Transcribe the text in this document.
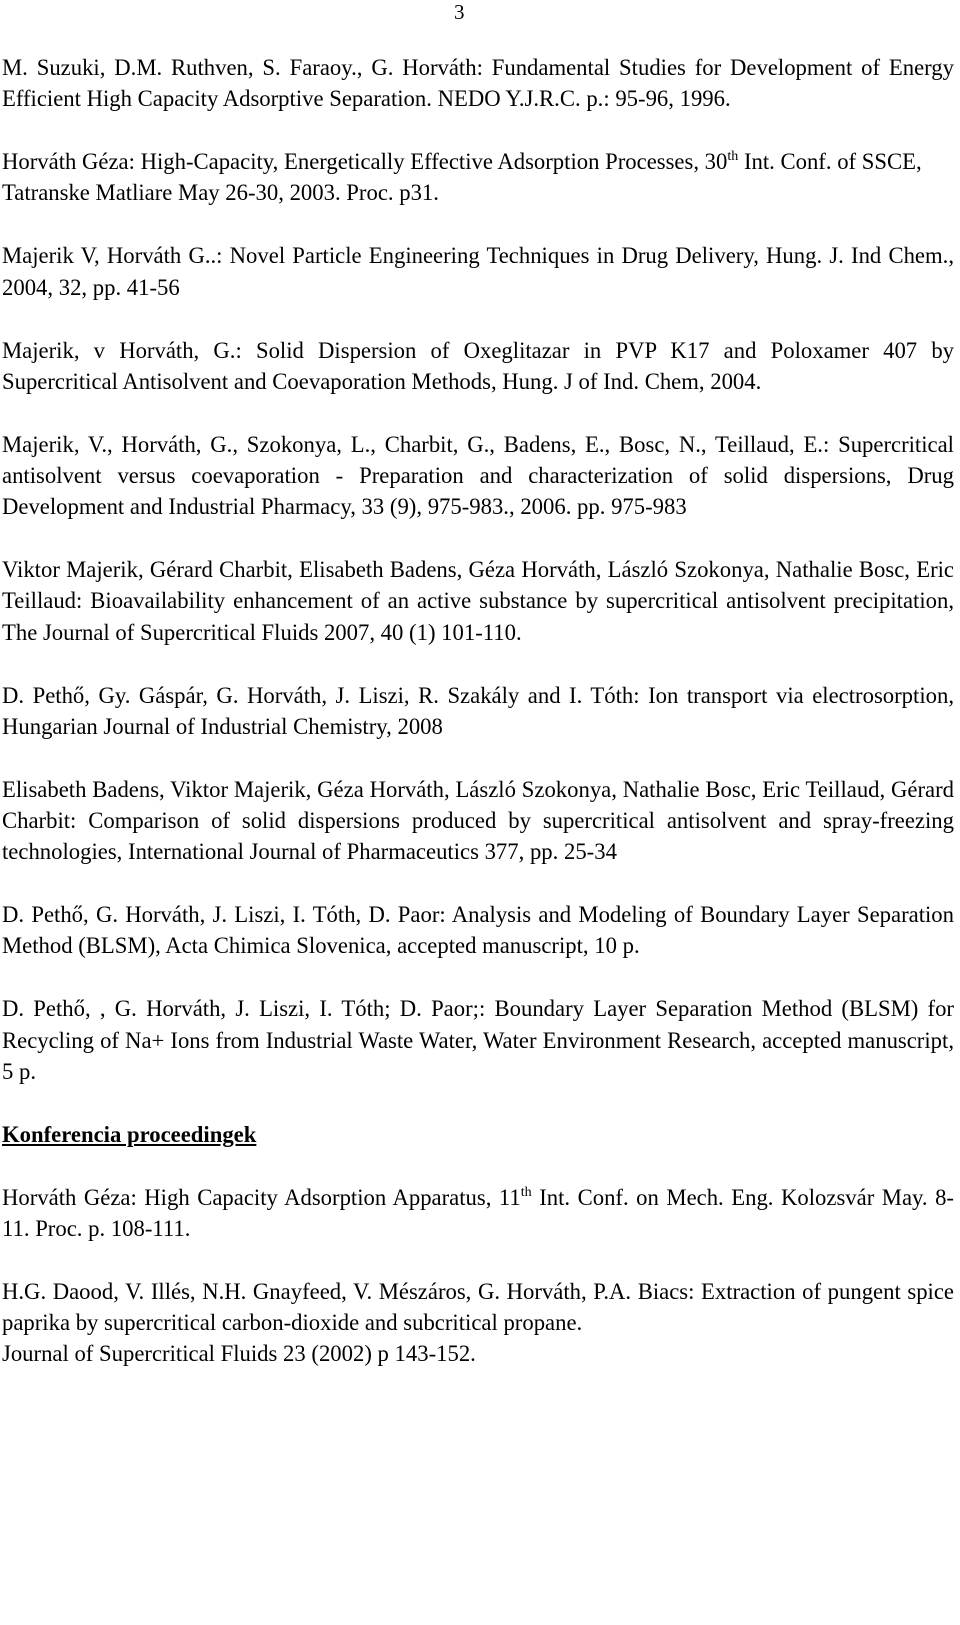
3

M. Suzuki, D.M. Ruthven, S. Faraoy., G. Horváth: Fundamental Studies for Development of Energy Efficient High Capacity Adsorptive Separation. NEDO Y.J.R.C. p.: 95-96, 1996.

Horváth Géza: High-Capacity, Energetically Effective Adsorption Processes, 30th Int. Conf. of SSCE, Tatranske Matliare May 26-30, 2003. Proc. p31.

Majerik V, Horváth G..: Novel Particle Engineering Techniques in Drug Delivery, Hung. J. Ind Chem., 2004, 32, pp. 41-56

Majerik, v Horváth, G.: Solid Dispersion of Oxeglitazar in PVP K17 and Poloxamer 407 by Supercritical Antisolvent and Coevaporation Methods, Hung. J of Ind. Chem, 2004.

Majerik, V., Horváth, G., Szokonya, L., Charbit, G., Badens, E., Bosc, N., Teillaud, E.: Supercritical antisolvent versus coevaporation - Preparation and characterization of solid dispersions, Drug Development and Industrial Pharmacy, 33 (9), 975-983., 2006. pp. 975-983

Viktor Majerik, Gérard Charbit, Elisabeth Badens, Géza Horváth, László Szokonya, Nathalie Bosc, Eric Teillaud: Bioavailability enhancement of an active substance by supercritical antisolvent precipitation, The Journal of Supercritical Fluids 2007, 40 (1) 101-110.

D. Pethő, Gy. Gáspár, G. Horváth, J. Liszi, R. Szakály and I. Tóth: Ion transport via electrosorption, Hungarian Journal of Industrial Chemistry, 2008

Elisabeth Badens, Viktor Majerik, Géza Horváth, László Szokonya, Nathalie Bosc, Eric Teillaud, Gérard Charbit: Comparison of solid dispersions produced by supercritical antisolvent and spray-freezing technologies, International Journal of Pharmaceutics 377, pp. 25-34

D. Pethő, G. Horváth, J. Liszi, I. Tóth, D. Paor: Analysis and Modeling of Boundary Layer Separation Method (BLSM), Acta Chimica Slovenica, accepted manuscript, 10 p.

D. Pethő, , G. Horváth, J. Liszi, I. Tóth; D. Paor;: Boundary Layer Separation Method (BLSM) for Recycling of Na+ Ions from Industrial Waste Water, Water Environment Research, accepted manuscript, 5 p.

Konferencia proceedingek

Horváth Géza: High Capacity Adsorption Apparatus, 11th Int. Conf. on Mech. Eng. Kolozsvár May. 8-11. Proc. p. 108-111.

H.G. Daood, V. Illés, N.H. Gnayfeed, V. Mészáros, G. Horváth, P.A. Biacs: Extraction of pungent spice paprika by supercritical carbon-dioxide and subcritical propane.

Journal of Supercritical Fluids 23 (2002) p 143-152.
